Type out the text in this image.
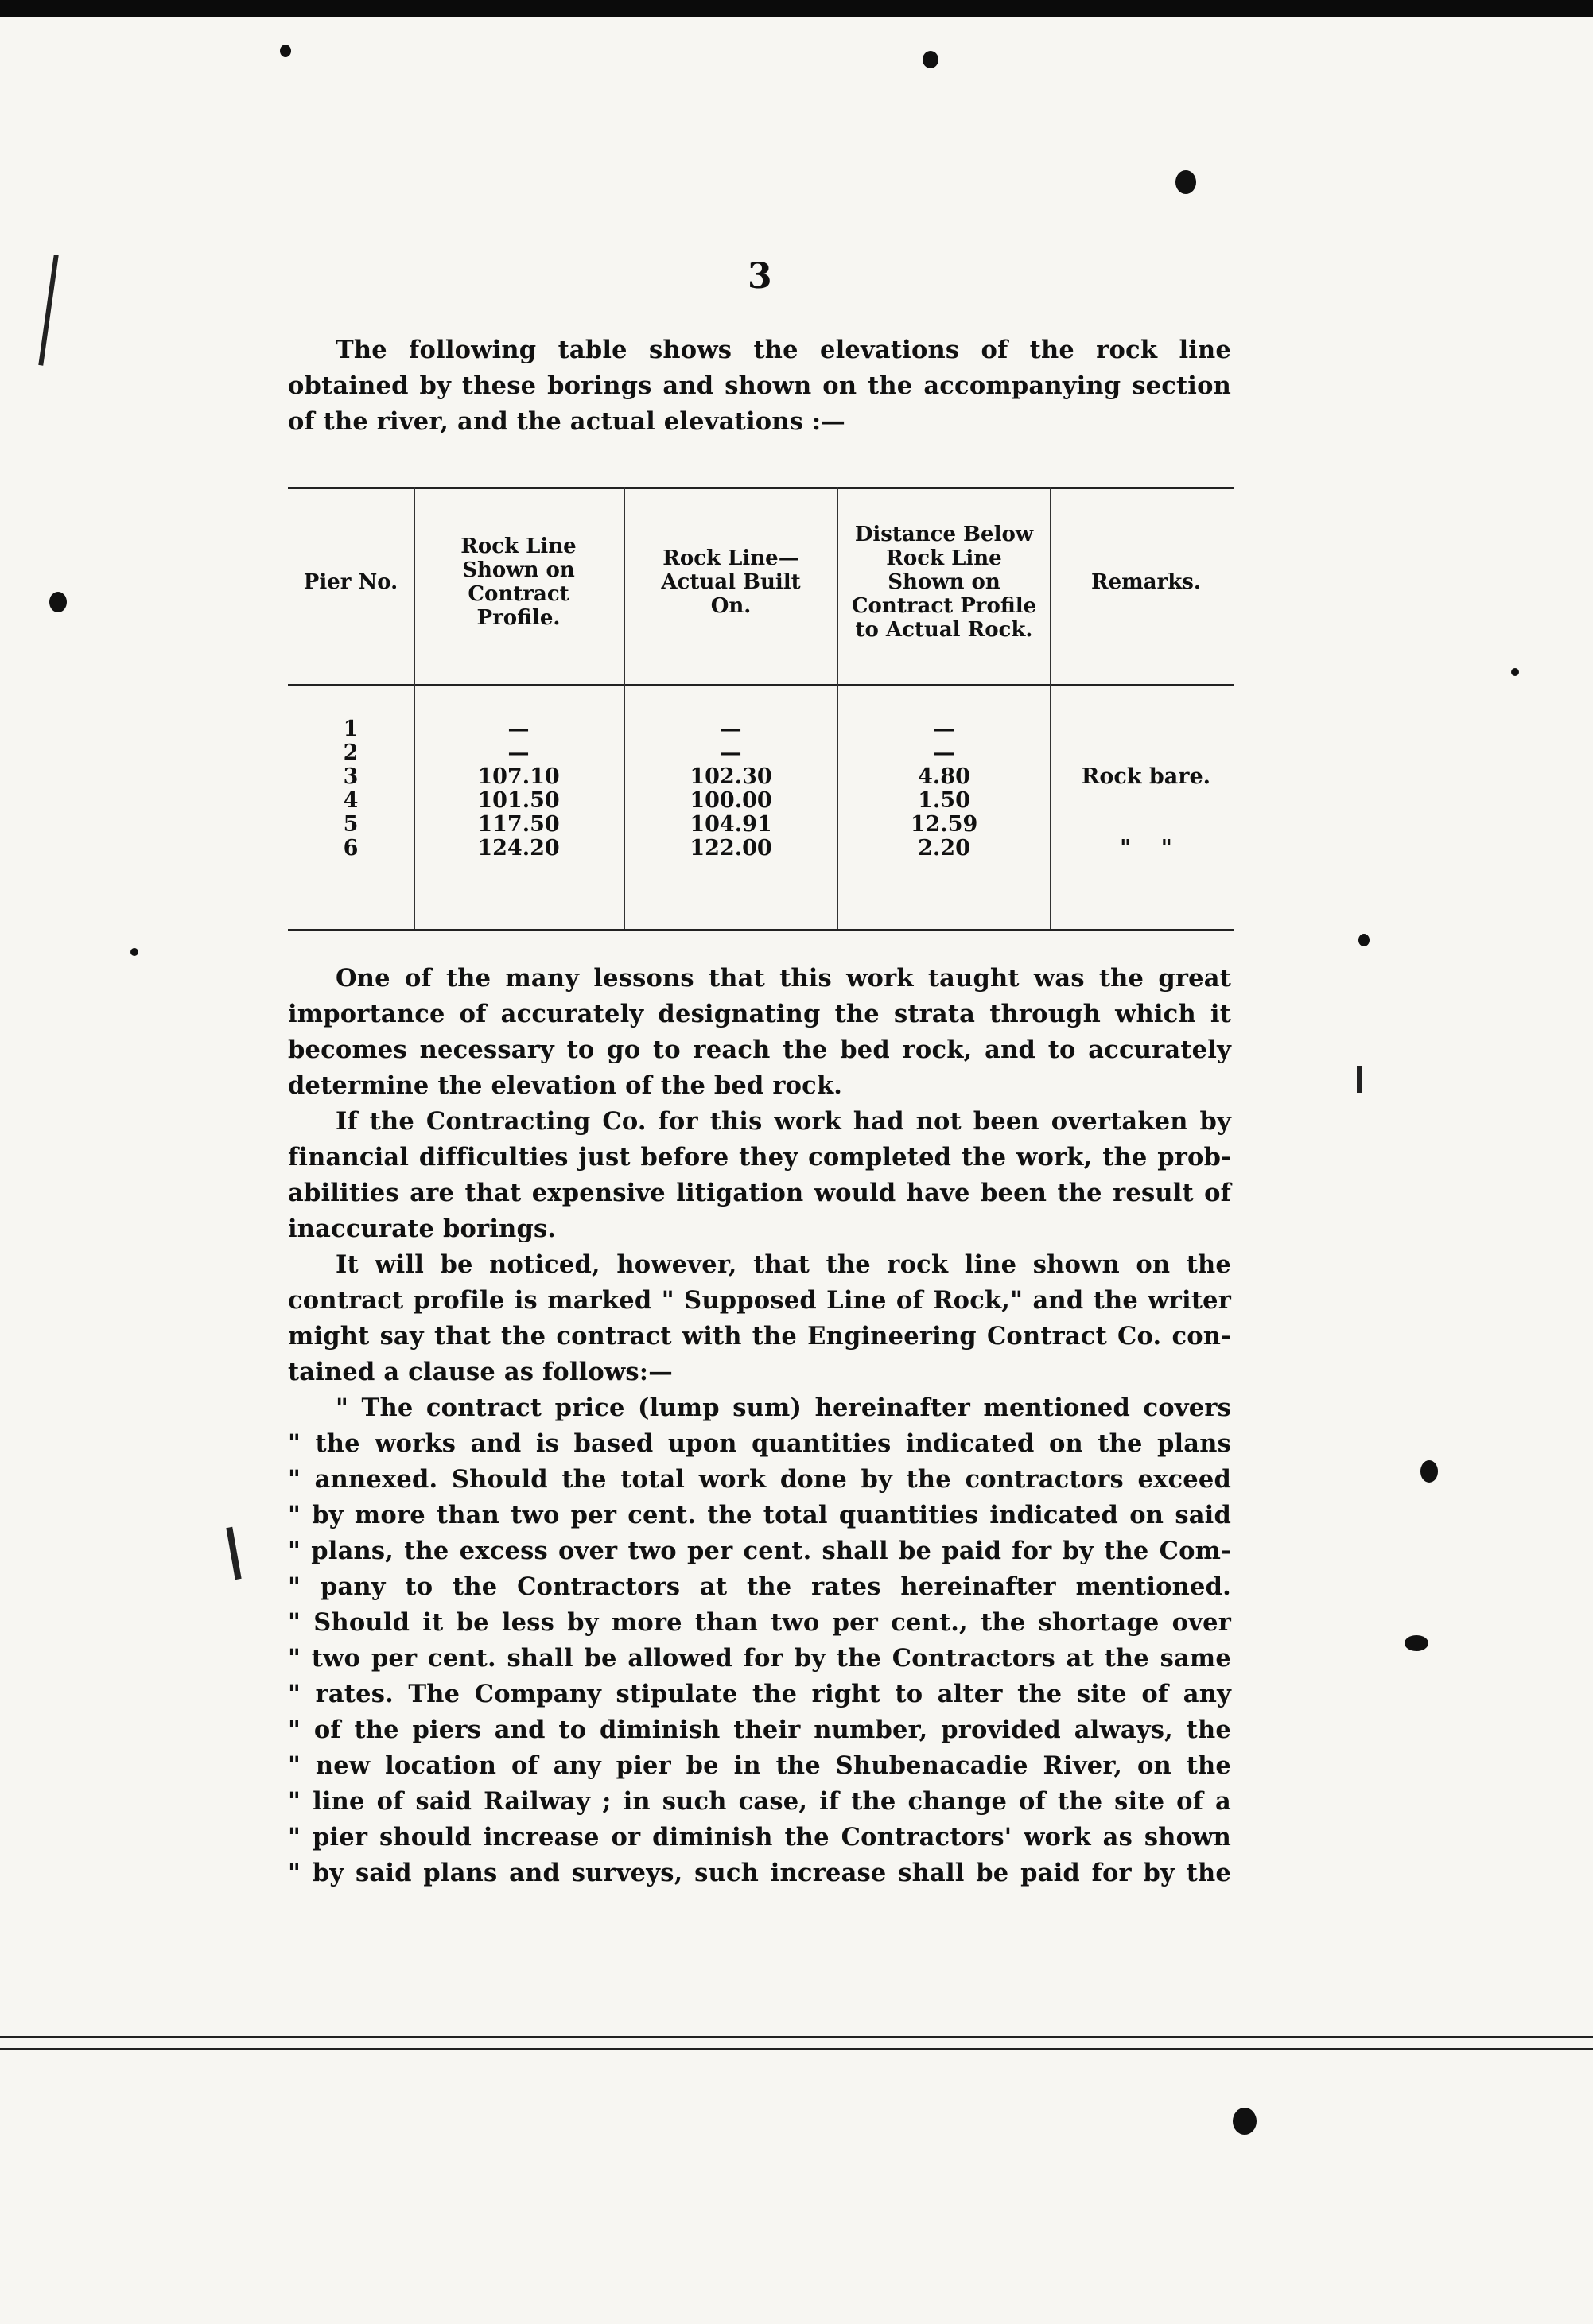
3

The following table shows the elevations of the rock line
obtained by these borings and shown on the accompanying section
of the river, and the actual elevations :—

Pier No.
Rock Line Shown on Contract Profile.
Rock Line— Actual Built On.
Distance Below Rock Line Shown on Contract Profile to Actual Rock.
Remarks.
1
2
3
4
5
6
—
—
107.10
101.50
117.50
124.20
—
—
102.30
100.00
104.91
122.00
—
—
4.80
1.50
12.59
2.20

Rock bare.

"    "

One of the many lessons that this work taught was the great
importance of accurately designating the strata through which it
becomes necessary to go to reach the bed rock, and to accurately
determine the elevation of the bed rock.

If the Contracting Co. for this work had not been overtaken by
financial difficulties just before they completed the work, the prob-
abilities are that expensive litigation would have been the result of
inaccurate borings.

It will be noticed, however, that the rock line shown on the
contract profile is marked " Supposed Line of Rock," and the writer
might say that the contract with the Engineering Contract Co. con-
tained a clause as follows:—

" The contract price (lump sum) hereinafter mentioned covers
" the works and is based upon quantities indicated on the plans
" annexed. Should the total work done by the contractors exceed
" by more than two per cent. the total quantities indicated on said
" plans, the excess over two per cent. shall be paid for by the Com-
" pany to the Contractors at the rates hereinafter mentioned.
" Should it be less by more than two per cent., the shortage over
" two per cent. shall be allowed for by the Contractors at the same
" rates. The Company stipulate the right to alter the site of any
" of the piers and to diminish their number, provided always, the
" new location of any pier be in the Shubenacadie River, on the
" line of said Railway ; in such case, if the change of the site of a
" pier should increase or diminish the Contractors' work as shown
" by said plans and surveys, such increase shall be paid for by the
